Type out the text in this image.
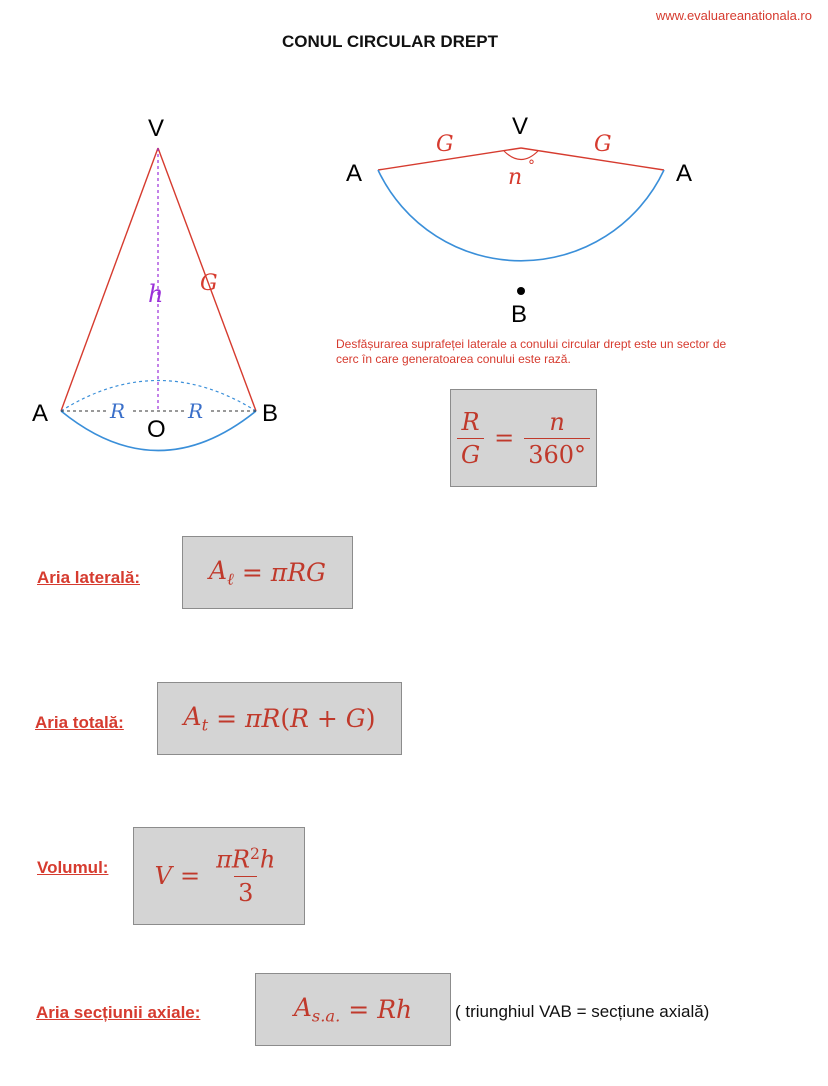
www.evaluareanationala.ro
CONUL CIRCULAR DREPT
V
A	B
O
h G
R	R
V
A	A
B
G	G
n °
Desfășurarea suprafeței laterale a conului circular drept este un sector de cerc în care generatoarea conului este rază.
$\frac{R}{G} = \frac{n}{360^\circ}$
Aria laterală:	$A_\ell = \pi RG$
Aria totală: $A_t = \pi R(R + G)$
Volumul: $V = \frac{\pi R^2h}{3}$
Aria secțiunii axiale:	$A_{s.a.} = Rh$	( triunghiul VAB = secțiune axială)
